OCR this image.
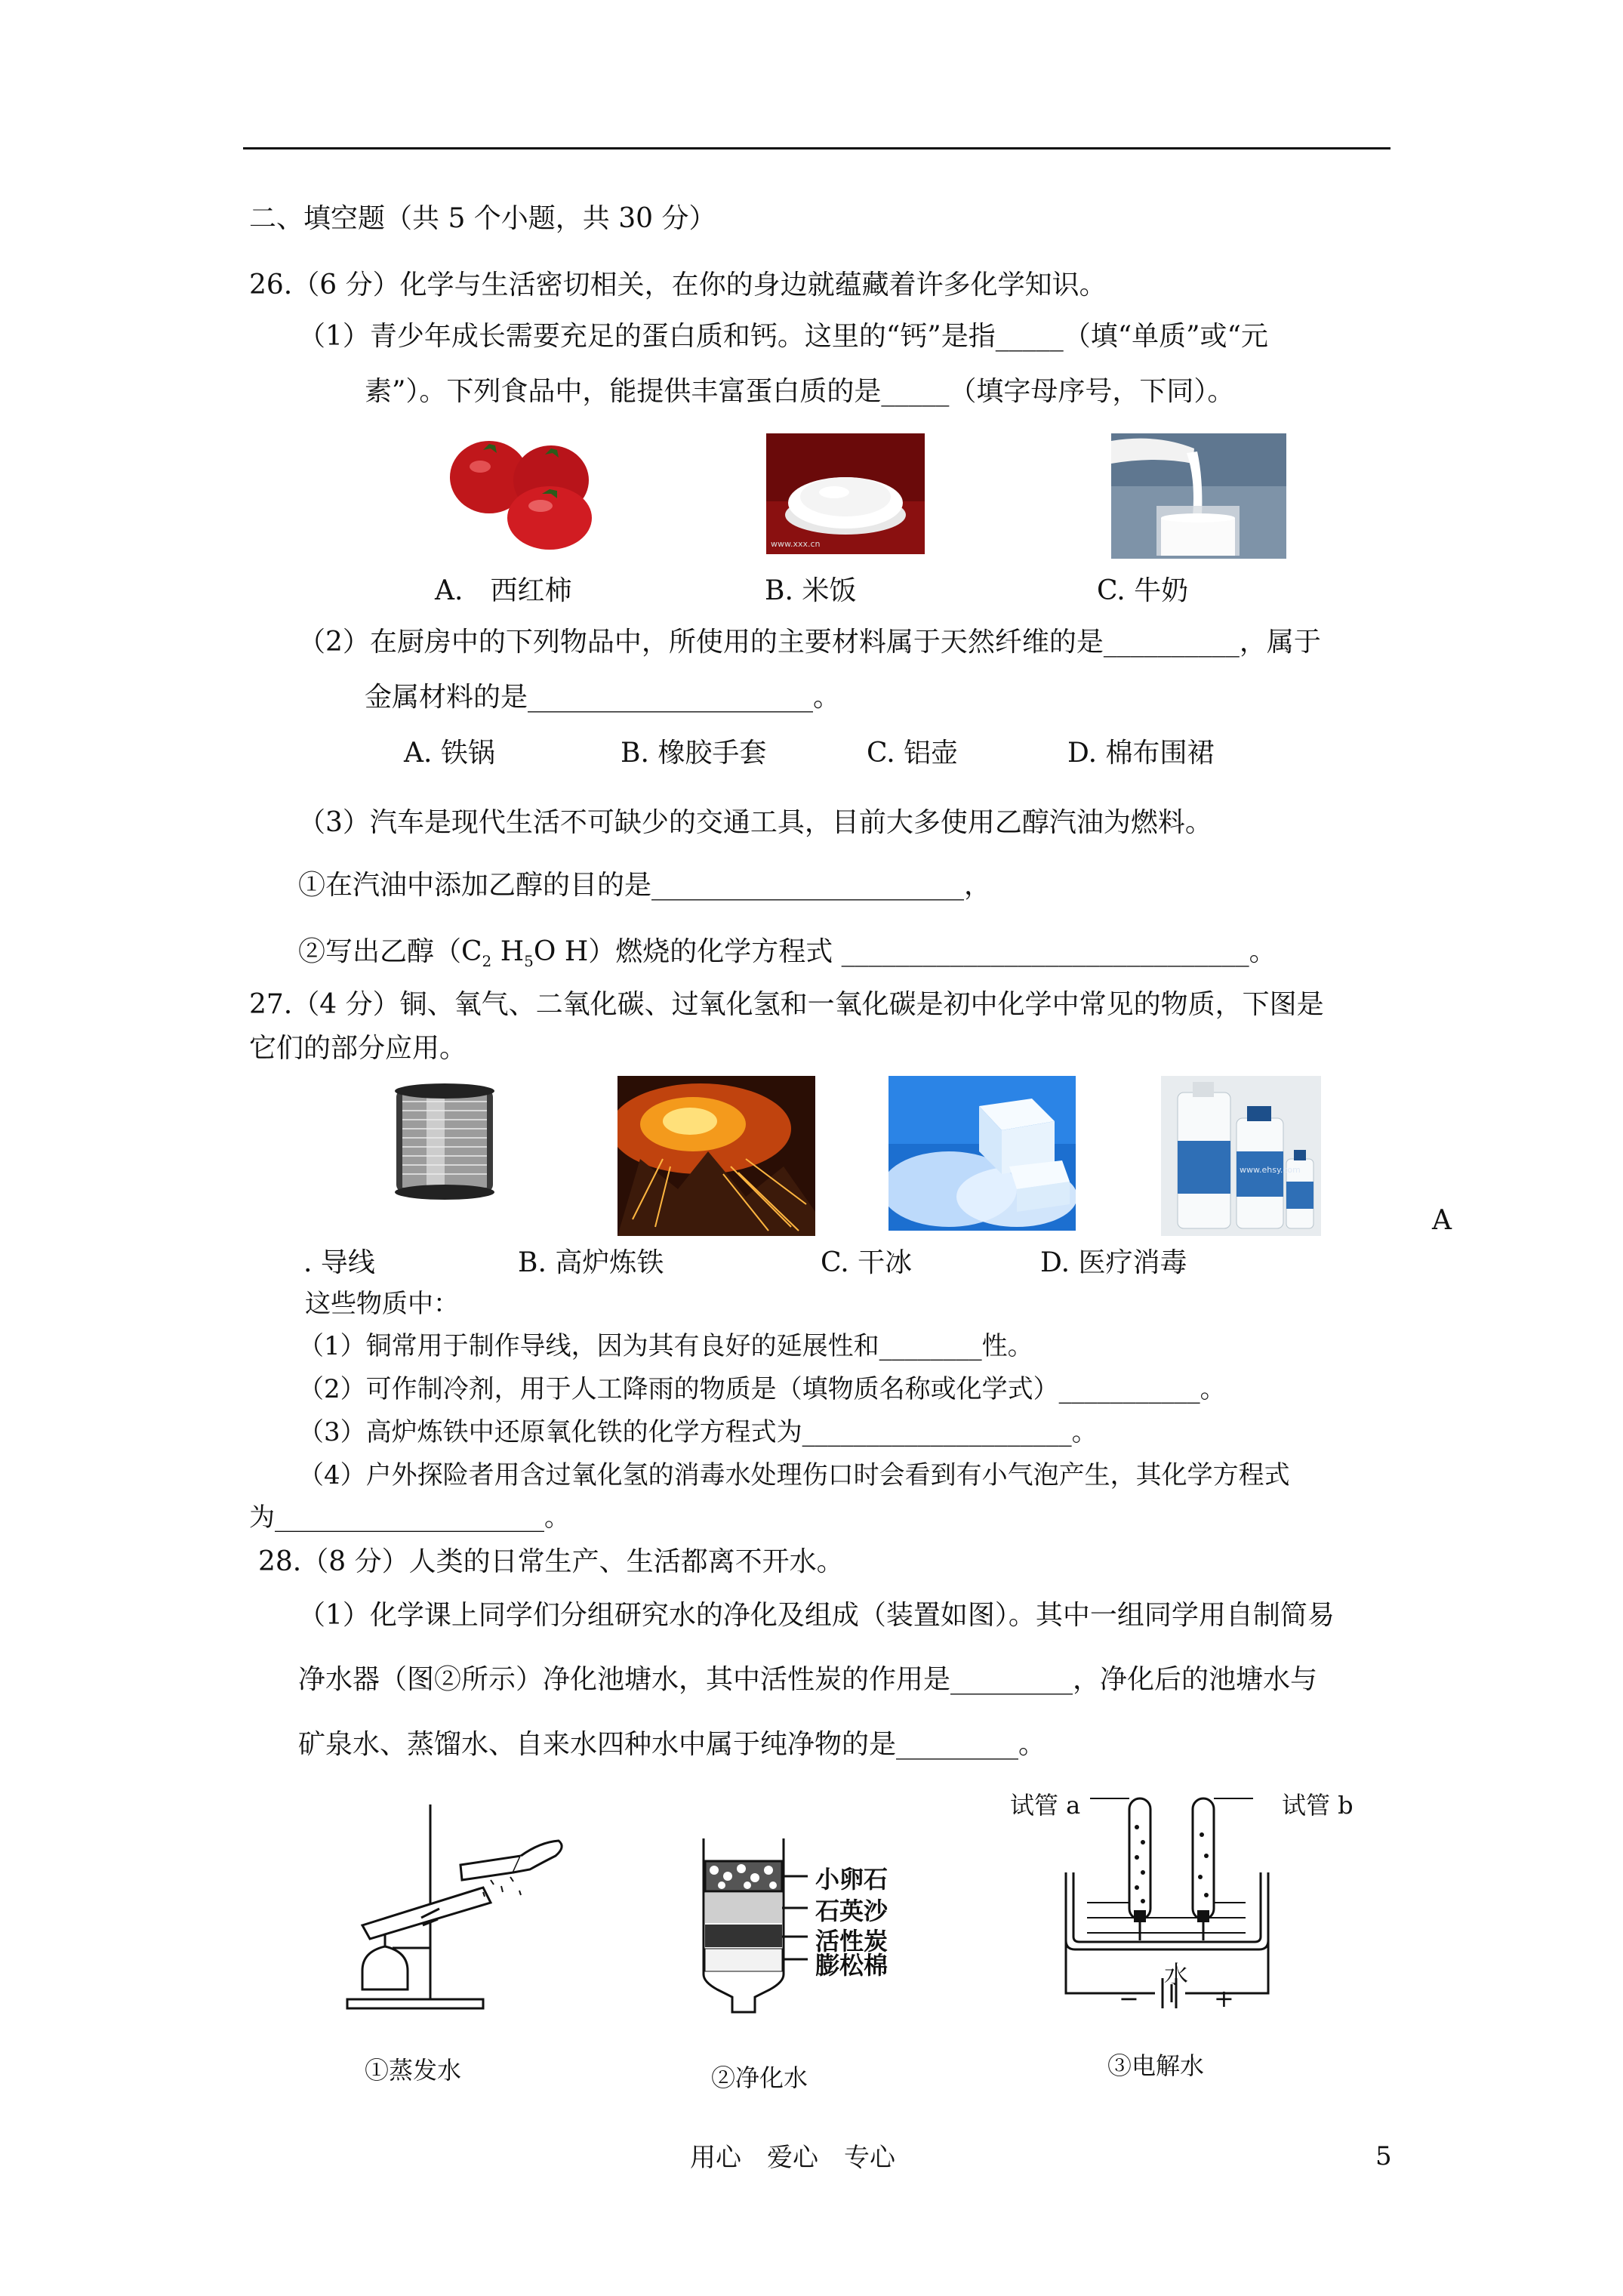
二、填空题（共 5 个小题，共 30 分）
26.（6 分）化学与生活密切相关，在你的身边就蕴藏着许多化学知识。
（1）青少年成长需要充足的蛋白质和钙。这里的“钙”是指_____（填“单质”或“元
素”）。下列食品中，能提供丰富蛋白质的是_____（填字母序号，下同）。
www.xxx.cn
A.　西红柿	B. 米饭	C. 牛奶
（2）在厨房中的下列物品中，所使用的主要材料属于天然纤维的是__________，属于
金属材料的是_____________________。
A. 铁锅	B. 橡胶手套	C. 铝壶	D. 棉布围裙
（3）汽车是现代生活不可缺少的交通工具，目前大多使用乙醇汽油为燃料。
①在汽油中添加乙醇的目的是_______________________，
②写出乙醇（$C_2$ $H_5O$ H）燃烧的化学方程式 ______________________________。
27.（4 分）铜、氧气、二氧化碳、过氧化氢和一氧化碳是初中化学中常见的物质，下图是
它们的部分应用。
www.ehsy.com
A
. 导线	B. 高炉炼铁	C. 干冰	D. 医疗消毒
这些物质中：
（1）铜常用于制作导线，因为其有良好的延展性和________性。
（2）可作制冷剂，用于人工降雨的物质是（填物质名称或化学式）___________。
（3）高炉炼铁中还原氧化铁的化学方程式为_____________________。
（4）户外探险者用含过氧化氢的消毒水处理伤口时会看到有小气泡产生，其化学方程式
为_____________________。
28.（8 分）人类的日常生产、生活都离不开水。
（1）化学课上同学们分组研究水的净化及组成（装置如图）。其中一组同学用自制简易
净水器（图②所示）净化池塘水，其中活性炭的作用是_________，净化后的池塘水与
矿泉水、蒸馏水、自来水四种水中属于纯净物的是_________。
小卵石
石英沙
活性炭
膨松棉
试管 a	试管 b
水
−	+
①蒸发水	②净化水	③电解水
用心　爱心　专心	5
